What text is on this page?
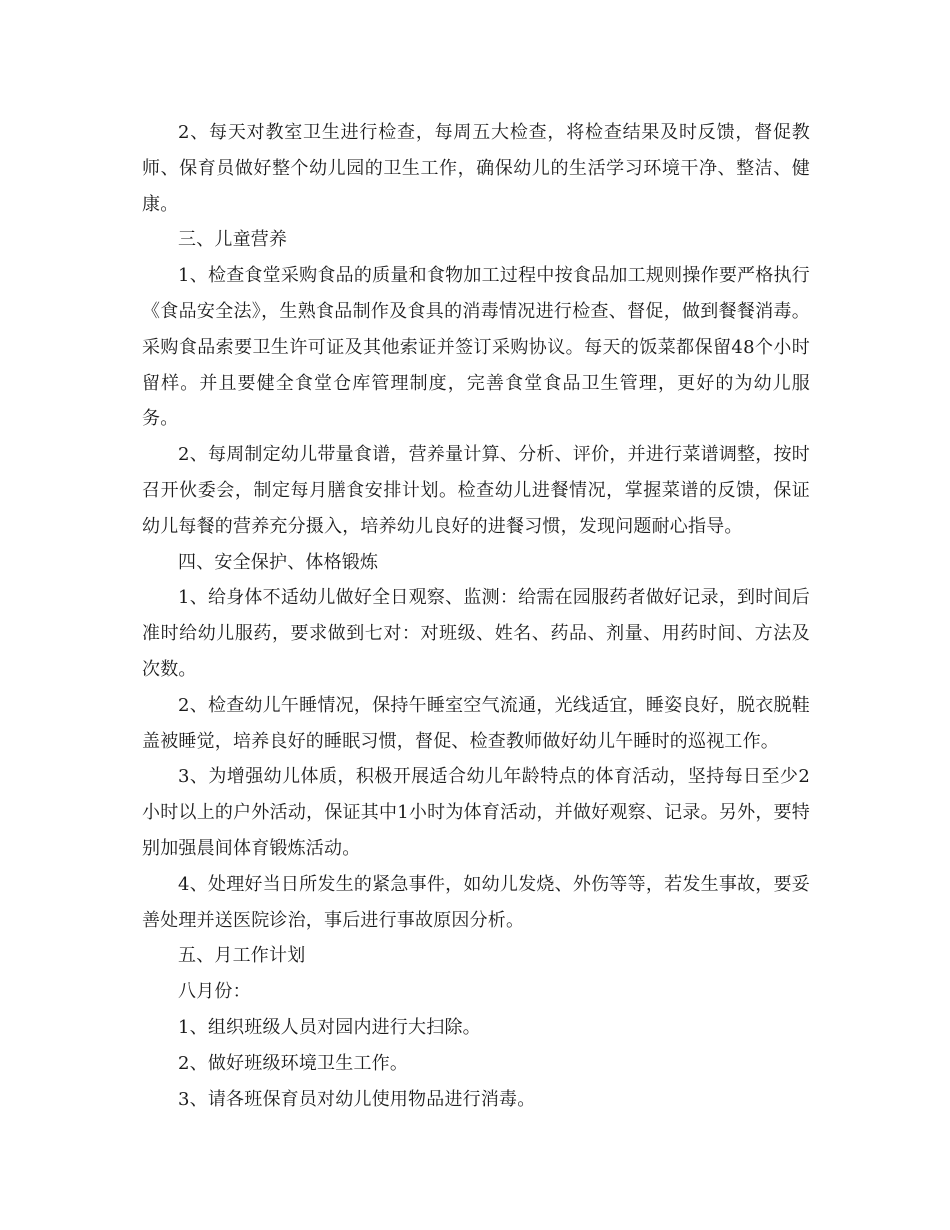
2、每天对教室卫生进行检查，每周五大检查，将检查结果及时反馈，督促教师、保育员做好整个幼儿园的卫生工作，确保幼儿的生活学习环境干净、整洁、健康。

三、儿童营养

1、检查食堂采购食品的质量和食物加工过程中按食品加工规则操作要严格执行《食品安全法》，生熟食品制作及食具的消毒情况进行检查、督促，做到餐餐消毒。采购食品索要卫生许可证及其他索证并签订采购协议。每天的饭菜都保留48个小时留样。并且要健全食堂仓库管理制度，完善食堂食品卫生管理，更好的为幼儿服务。

2、每周制定幼儿带量食谱，营养量计算、分析、评价，并进行菜谱调整，按时召开伙委会，制定每月膳食安排计划。检查幼儿进餐情况，掌握菜谱的反馈，保证幼儿每餐的营养充分摄入，培养幼儿良好的进餐习惯，发现问题耐心指导。

四、安全保护、体格锻炼

1、给身体不适幼儿做好全日观察、监测：给需在园服药者做好记录，到时间后准时给幼儿服药，要求做到七对：对班级、姓名、药品、剂量、用药时间、方法及次数。

2、检查幼儿午睡情况，保持午睡室空气流通，光线适宜，睡姿良好，脱衣脱鞋盖被睡觉，培养良好的睡眠习惯，督促、检查教师做好幼儿午睡时的巡视工作。

3、为增强幼儿体质，积极开展适合幼儿年龄特点的体育活动，坚持每日至少2小时以上的户外活动，保证其中1小时为体育活动，并做好观察、记录。另外，要特别加强晨间体育锻炼活动。

4、处理好当日所发生的紧急事件，如幼儿发烧、外伤等等，若发生事故，要妥善处理并送医院诊治，事后进行事故原因分析。

五、月工作计划

八月份：

1、组织班级人员对园内进行大扫除。

2、做好班级环境卫生工作。

3、请各班保育员对幼儿使用物品进行消毒。
